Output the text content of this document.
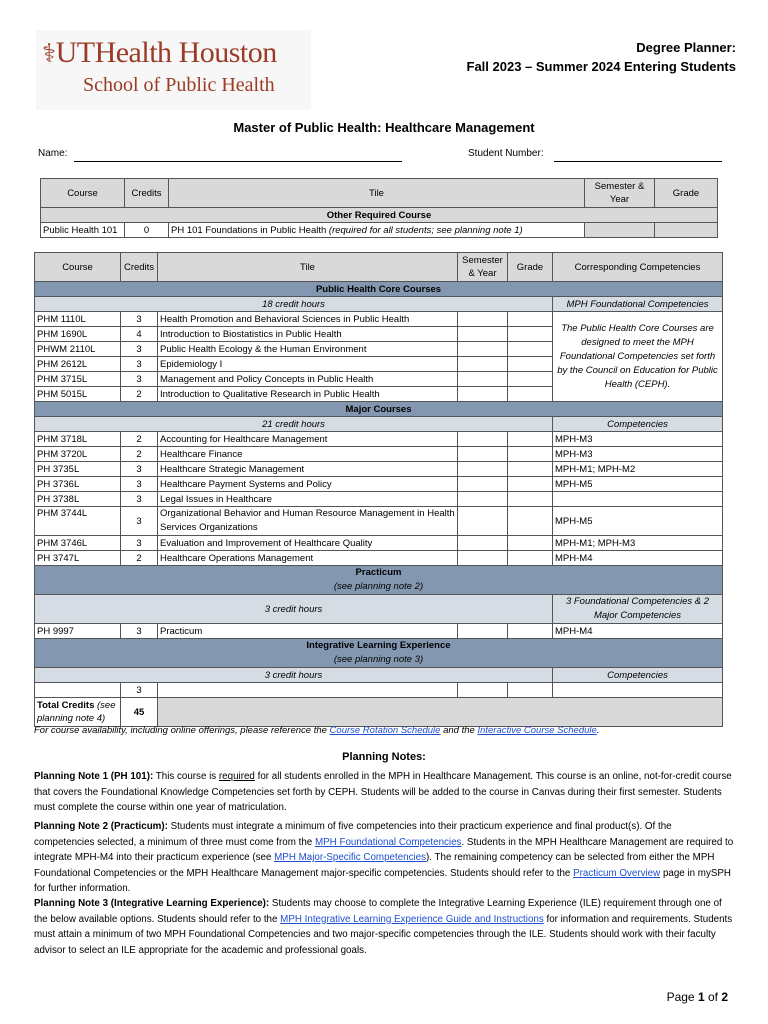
⚕UTHealth Houston
School of Public Health
Degree Planner:
Fall 2023 – Summer 2024 Entering Students
Master of Public Health: Healthcare Management
Name:	Student Number:
Course	Credits	Tile	Semester & Year	Grade
Other Required Course				
Public Health 101	0	PH 101 Foundations in Public Health (required for all students; see planning note 1)		
Course	Credits	Tile	Semester & Year	Grade	Corresponding Competencies
Public Health Core Courses					
18 credit hours					MPH Foundational Competencies
PHM 1110L	3	Health Promotion and Behavioral Sciences in Public Health			The Public Health Core Courses are designed to meet the MPH Foundational Competencies set forth by the Council on Education for Public Health (CEPH).
PHM 1690L	4	Introduction to Biostatistics in Public Health			
PHWM 2110L	3	Public Health Ecology & the Human Environment			
PHM 2612L	3	Epidemiology I			
PHM 3715L	3	Management and Policy Concepts in Public Health			
PHM 5015L	2	Introduction to Qualitative Research in Public Health			
Major Courses					
21 credit hours					Competencies
PHM 3718L	2	Accounting for Healthcare Management			MPH-M3
PHM 3720L	2	Healthcare Finance			MPH-M3
PH 3735L	3	Healthcare Strategic Management			MPH-M1; MPH-M2
PH 3736L	3	Healthcare Payment Systems and Policy			MPH-M5
PH 3738L	3	Legal Issues in Healthcare			
PHM 3744L	3	Organizational Behavior and Human Resource Management in Health Services Organizations			MPH-M5
PHM 3746L	3	Evaluation and Improvement of Healthcare Quality			MPH-M1; MPH-M3
PH 3747L	2	Healthcare Operations Management			MPH-M4

Practicum
(see planning note 2)					

3 credit hours					3 Foundational Competencies & 2 Major Competencies
PH 9997	3	Practicum			MPH-M4

Integrative Learning Experience
(see planning note 3)					

3 credit hours					Competencies
	3				
Total Credits (see planning note 4)	45				
For course availability, including online offerings, please reference the Course Rotation Schedule and the Interactive Course Schedule.
Planning Notes:
Planning Note 1 (PH 101): This course is required for all students enrolled in the MPH in Healthcare Management. This course is an online, not-for-credit course that covers the Foundational Knowledge Competencies set forth by CEPH. Students will be added to the course in Canvas during their first semester. Students must complete the course within one year of matriculation.
Planning Note 2 (Practicum): Students must integrate a minimum of five competencies into their practicum experience and final product(s). Of the competencies selected, a minimum of three must come from the MPH Foundational Competencies. Students in the MPH Healthcare Management are required to integrate MPH-M4 into their practicum experience (see MPH Major-Specific Competencies). The remaining competency can be selected from either the MPH Foundational Competencies or the MPH Healthcare Management major-specific competencies. Students should refer to the Practicum Overview page in mySPH for further information.
Planning Note 3 (Integrative Learning Experience): Students may choose to complete the Integrative Learning Experience (ILE) requirement through one of the below available options. Students should refer to the MPH Integrative Learning Experience Guide and Instructions for information and requirements. Students must attain a minimum of two MPH Foundational Competencies and two major-specific competencies through the ILE. Students should work with their faculty advisor to select an ILE appropriate for the academic and professional goals.
Page 1 of 2
